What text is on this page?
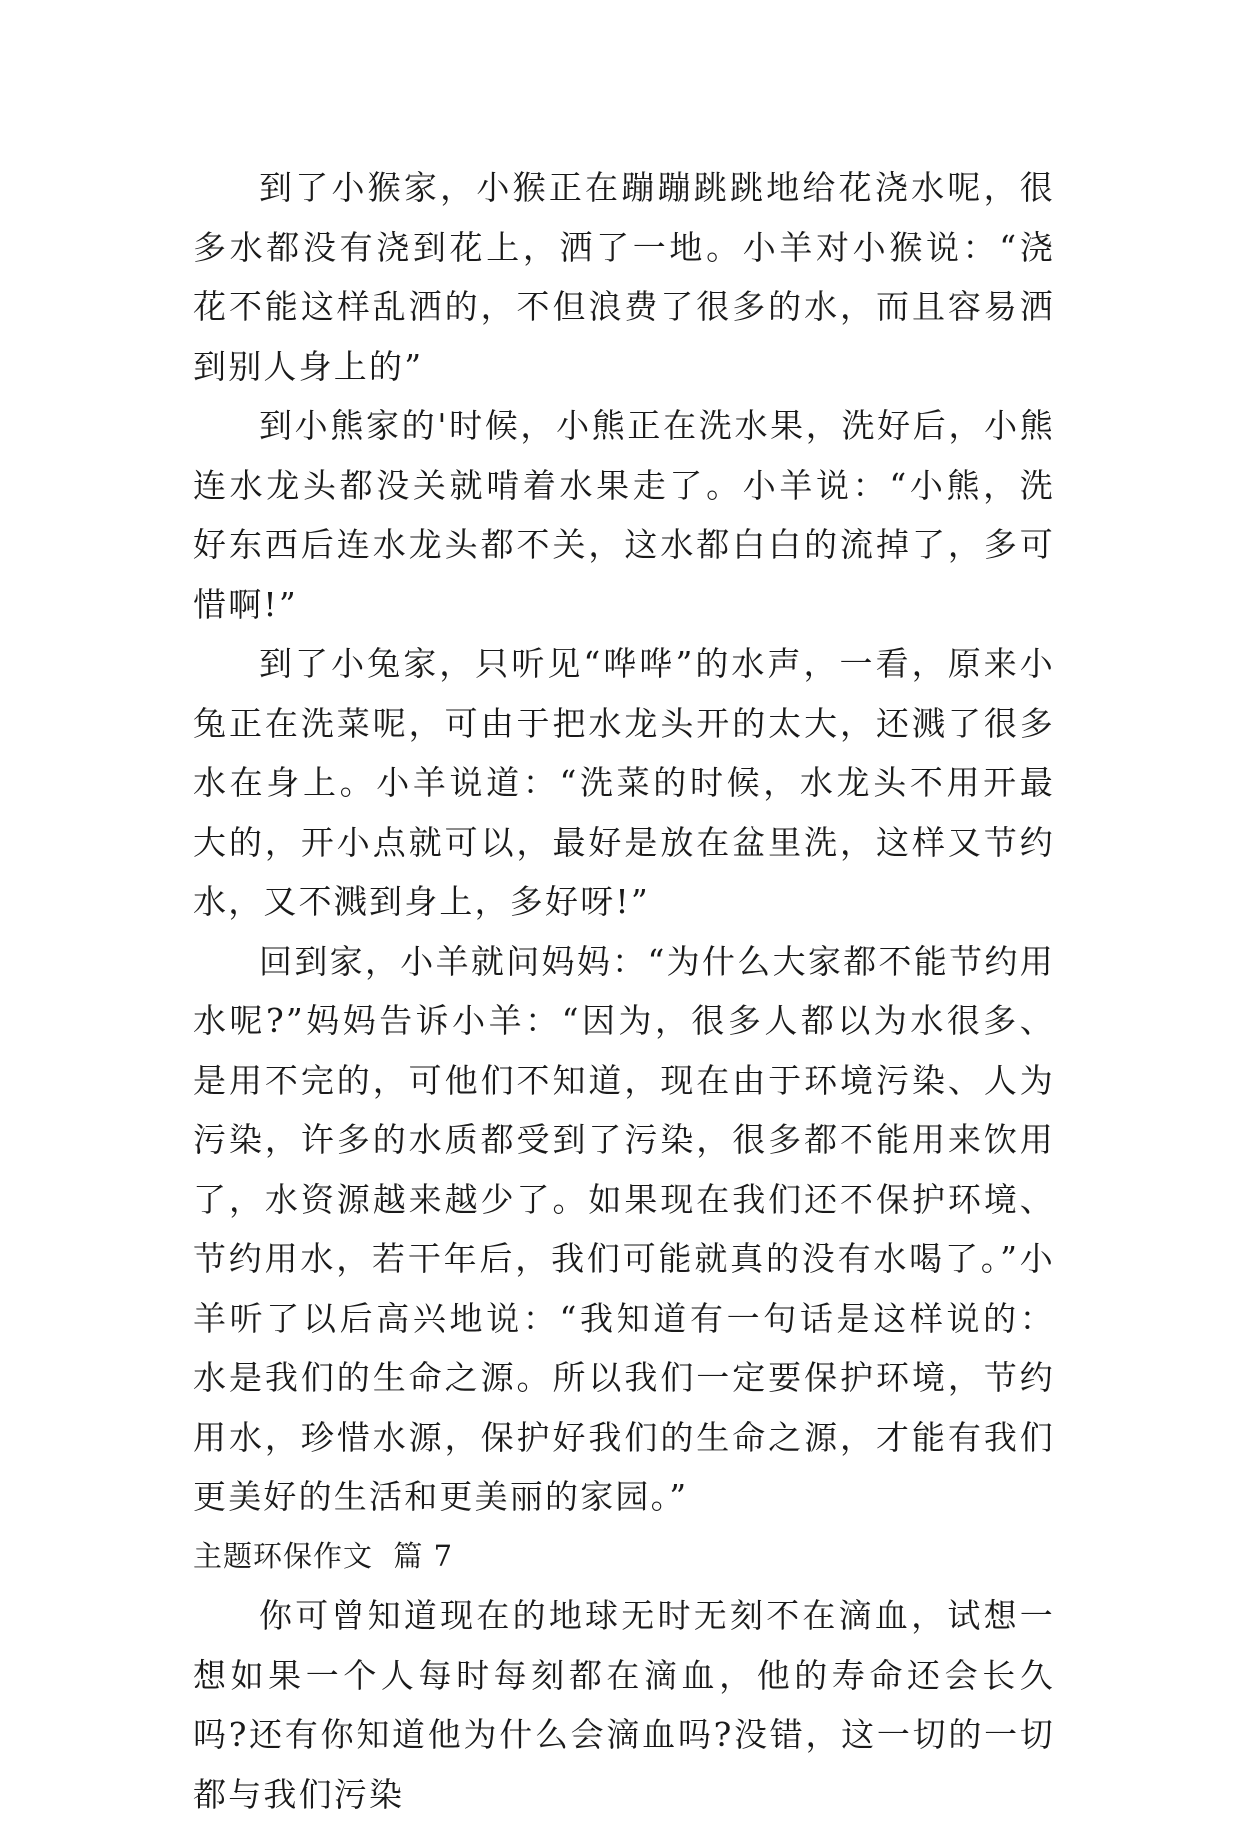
到了小猴家，小猴正在蹦蹦跳跳地给花浇水呢，很多水都没有浇到花上，洒了一地。小羊对小猴说：“浇花不能这样乱洒的，不但浪费了很多的水，而且容易洒到别人身上的”

到小熊家的'时候，小熊正在洗水果，洗好后，小熊连水龙头都没关就啃着水果走了。小羊说：“小熊，洗好东西后连水龙头都不关，这水都白白的流掉了，多可惜啊!”

到了小兔家，只听见“哗哗”的水声，一看，原来小兔正在洗菜呢，可由于把水龙头开的太大，还溅了很多水在身上。小羊说道：“洗菜的时候，水龙头不用开最大的，开小点就可以，最好是放在盆里洗，这样又节约水，又不溅到身上，多好呀!”

回到家，小羊就问妈妈：“为什么大家都不能节约用水呢?”妈妈告诉小羊：“因为，很多人都以为水很多、是用不完的，可他们不知道，现在由于环境污染、人为污染，许多的水质都受到了污染，很多都不能用来饮用了，水资源越来越少了。如果现在我们还不保护环境、节约用水，若干年后，我们可能就真的没有水喝了。”小羊听了以后高兴地说：“我知道有一句话是这样说的：水是我们的生命之源。所以我们一定要保护环境，节约用水，珍惜水源，保护好我们的生命之源，才能有我们更美好的生活和更美丽的家园。”

主题环保作文  篇 7

你可曾知道现在的地球无时无刻不在滴血，试想一想如果一个人每时每刻都在滴血，他的寿命还会长久吗?还有你知道他为什么会滴血吗?没错，这一切的一切都与我们污染
